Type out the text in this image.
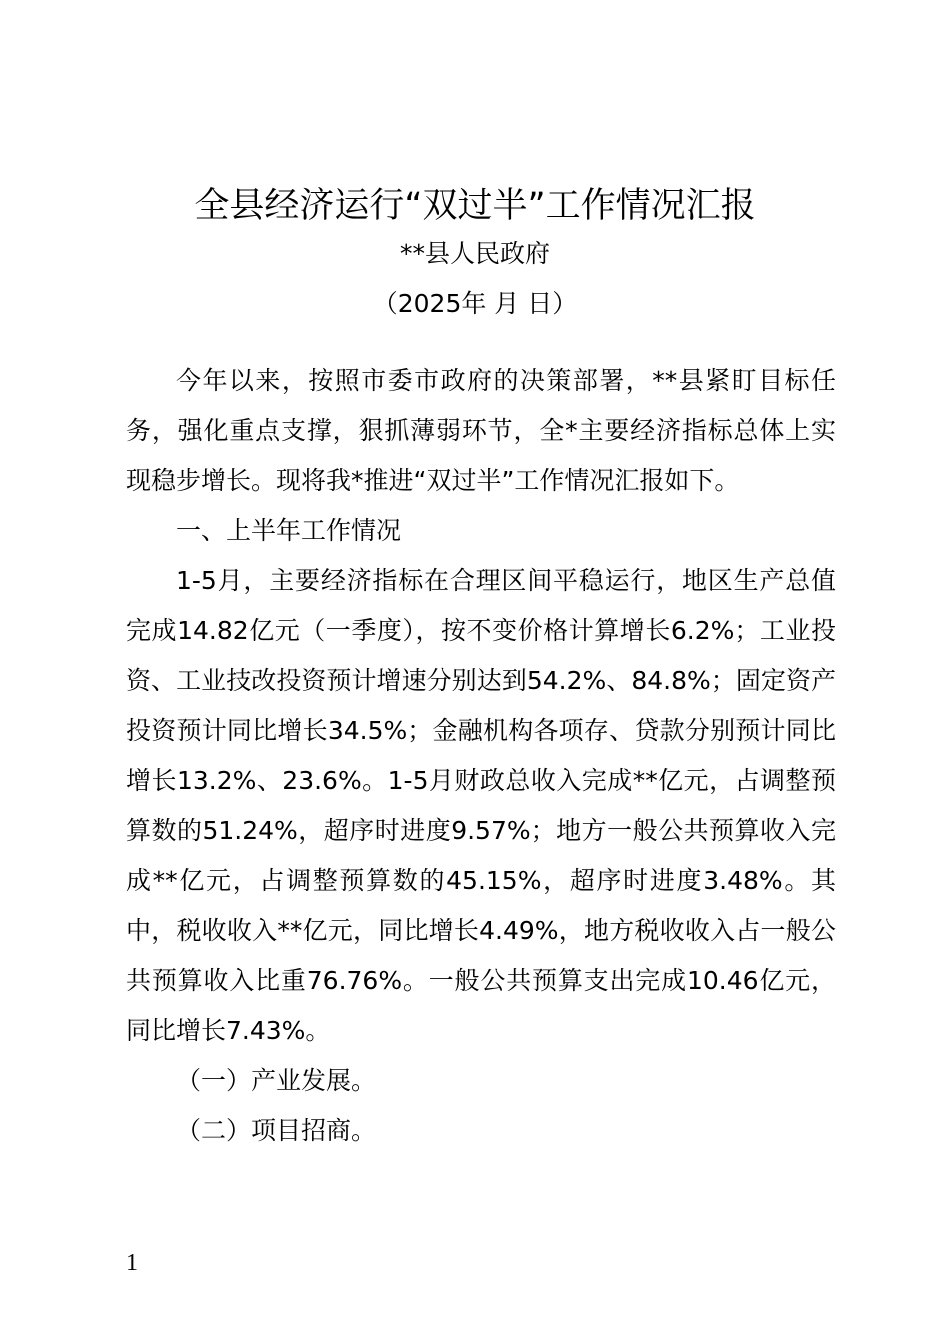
全县经济运行“双过半”工作情况汇报
**县人民政府
（2025年 月 日）

今年以来，按照市委市政府的决策部署，**县紧盯目标任务，强化重点支撑，狠抓薄弱环节，全*主要经济指标总体上实现稳步增长。现将我*推进“双过半”工作情况汇报如下。

一、上半年工作情况

1-5月，主要经济指标在合理区间平稳运行，地区生产总值完成14.82亿元（一季度），按不变价格计算增长6.2%；工业投资、工业技改投资预计增速分别达到54.2%、84.8%；固定资产投资预计同比增长34.5%；金融机构各项存、贷款分别预计同比增长13.2%、23.6%。1-5月财政总收入完成**亿元，占调整预算数的51.24%，超序时进度9.57%；地方一般公共预算收入完成**亿元，占调整预算数的45.15%，超序时进度3.48%。其中，税收收入**亿元，同比增长4.49%，地方税收收入占一般公共预算收入比重76.76%。一般公共预算支出完成10.46亿元，同比增长7.43%。

（一）产业发展。

（二）项目招商。

1
